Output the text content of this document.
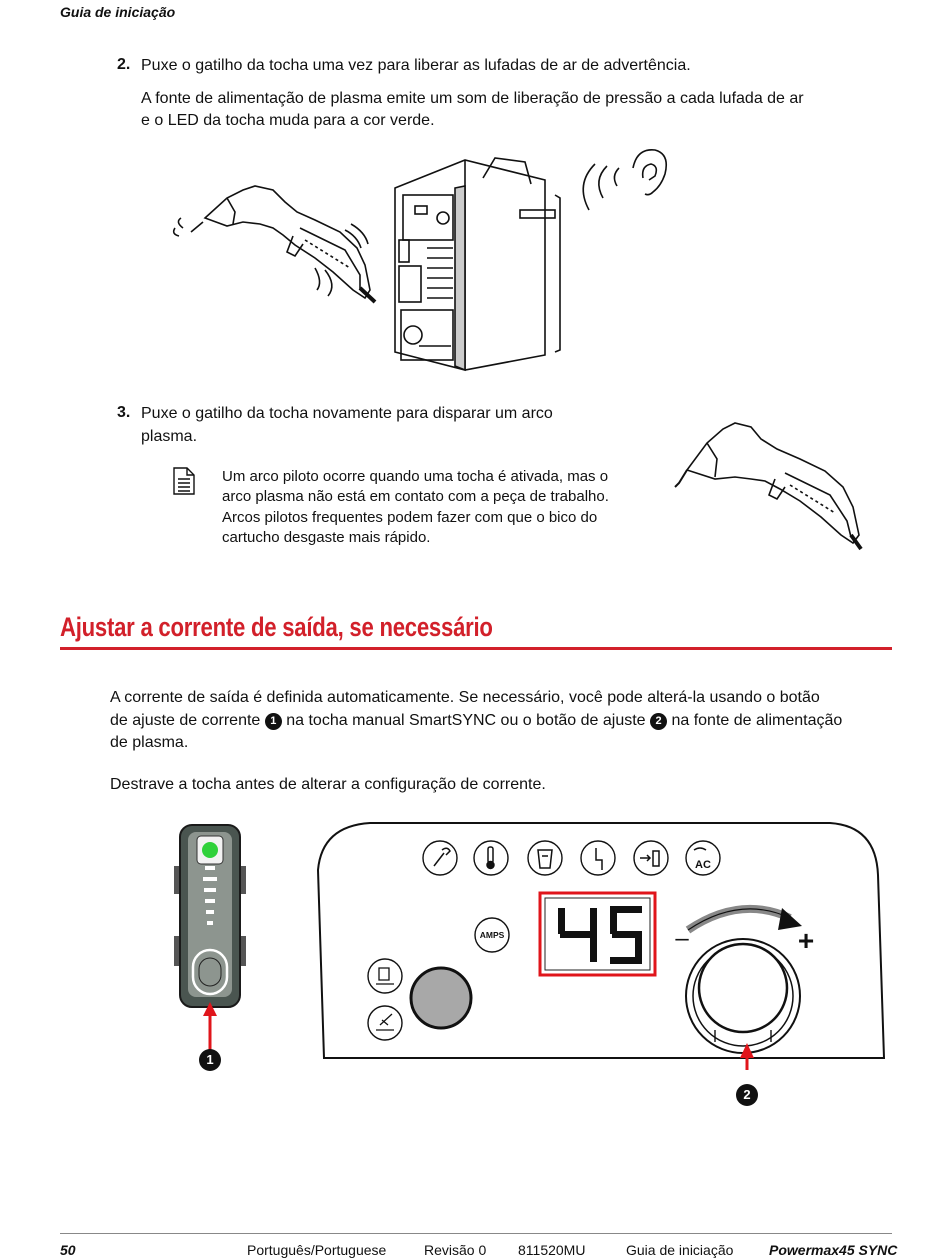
Guia de iniciação
2. Puxe o gatilho da tocha uma vez para liberar as lufadas de ar de advertência.
A fonte de alimentação de plasma emite um som de liberação de pressão a cada lufada de ar
e o LED da tocha muda para a cor verde.
3. Puxe o gatilho da tocha novamente para disparar um arco
plasma.
Um arco piloto ocorre quando uma tocha é ativada, mas o
arco plasma não está em contato com a peça de trabalho.
Arcos pilotos frequentes podem fazer com que o bico do
cartucho desgaste mais rápido.
Ajustar a corrente de saída, se necessário
A corrente de saída é definida automaticamente. Se necessário, você pode alterá-la usando o botão
de ajuste de corrente 1 na tocha manual SmartSYNC ou o botão de ajuste 2 na fonte de alimentação
de plasma.
Destrave a tocha antes de alterar a configuração de corrente.
1
AC
AMPS
45
–	+
2
50	Português/Portuguese	Revisão 0 811520MU	Guia de iniciação	Powermax45 SYNC
